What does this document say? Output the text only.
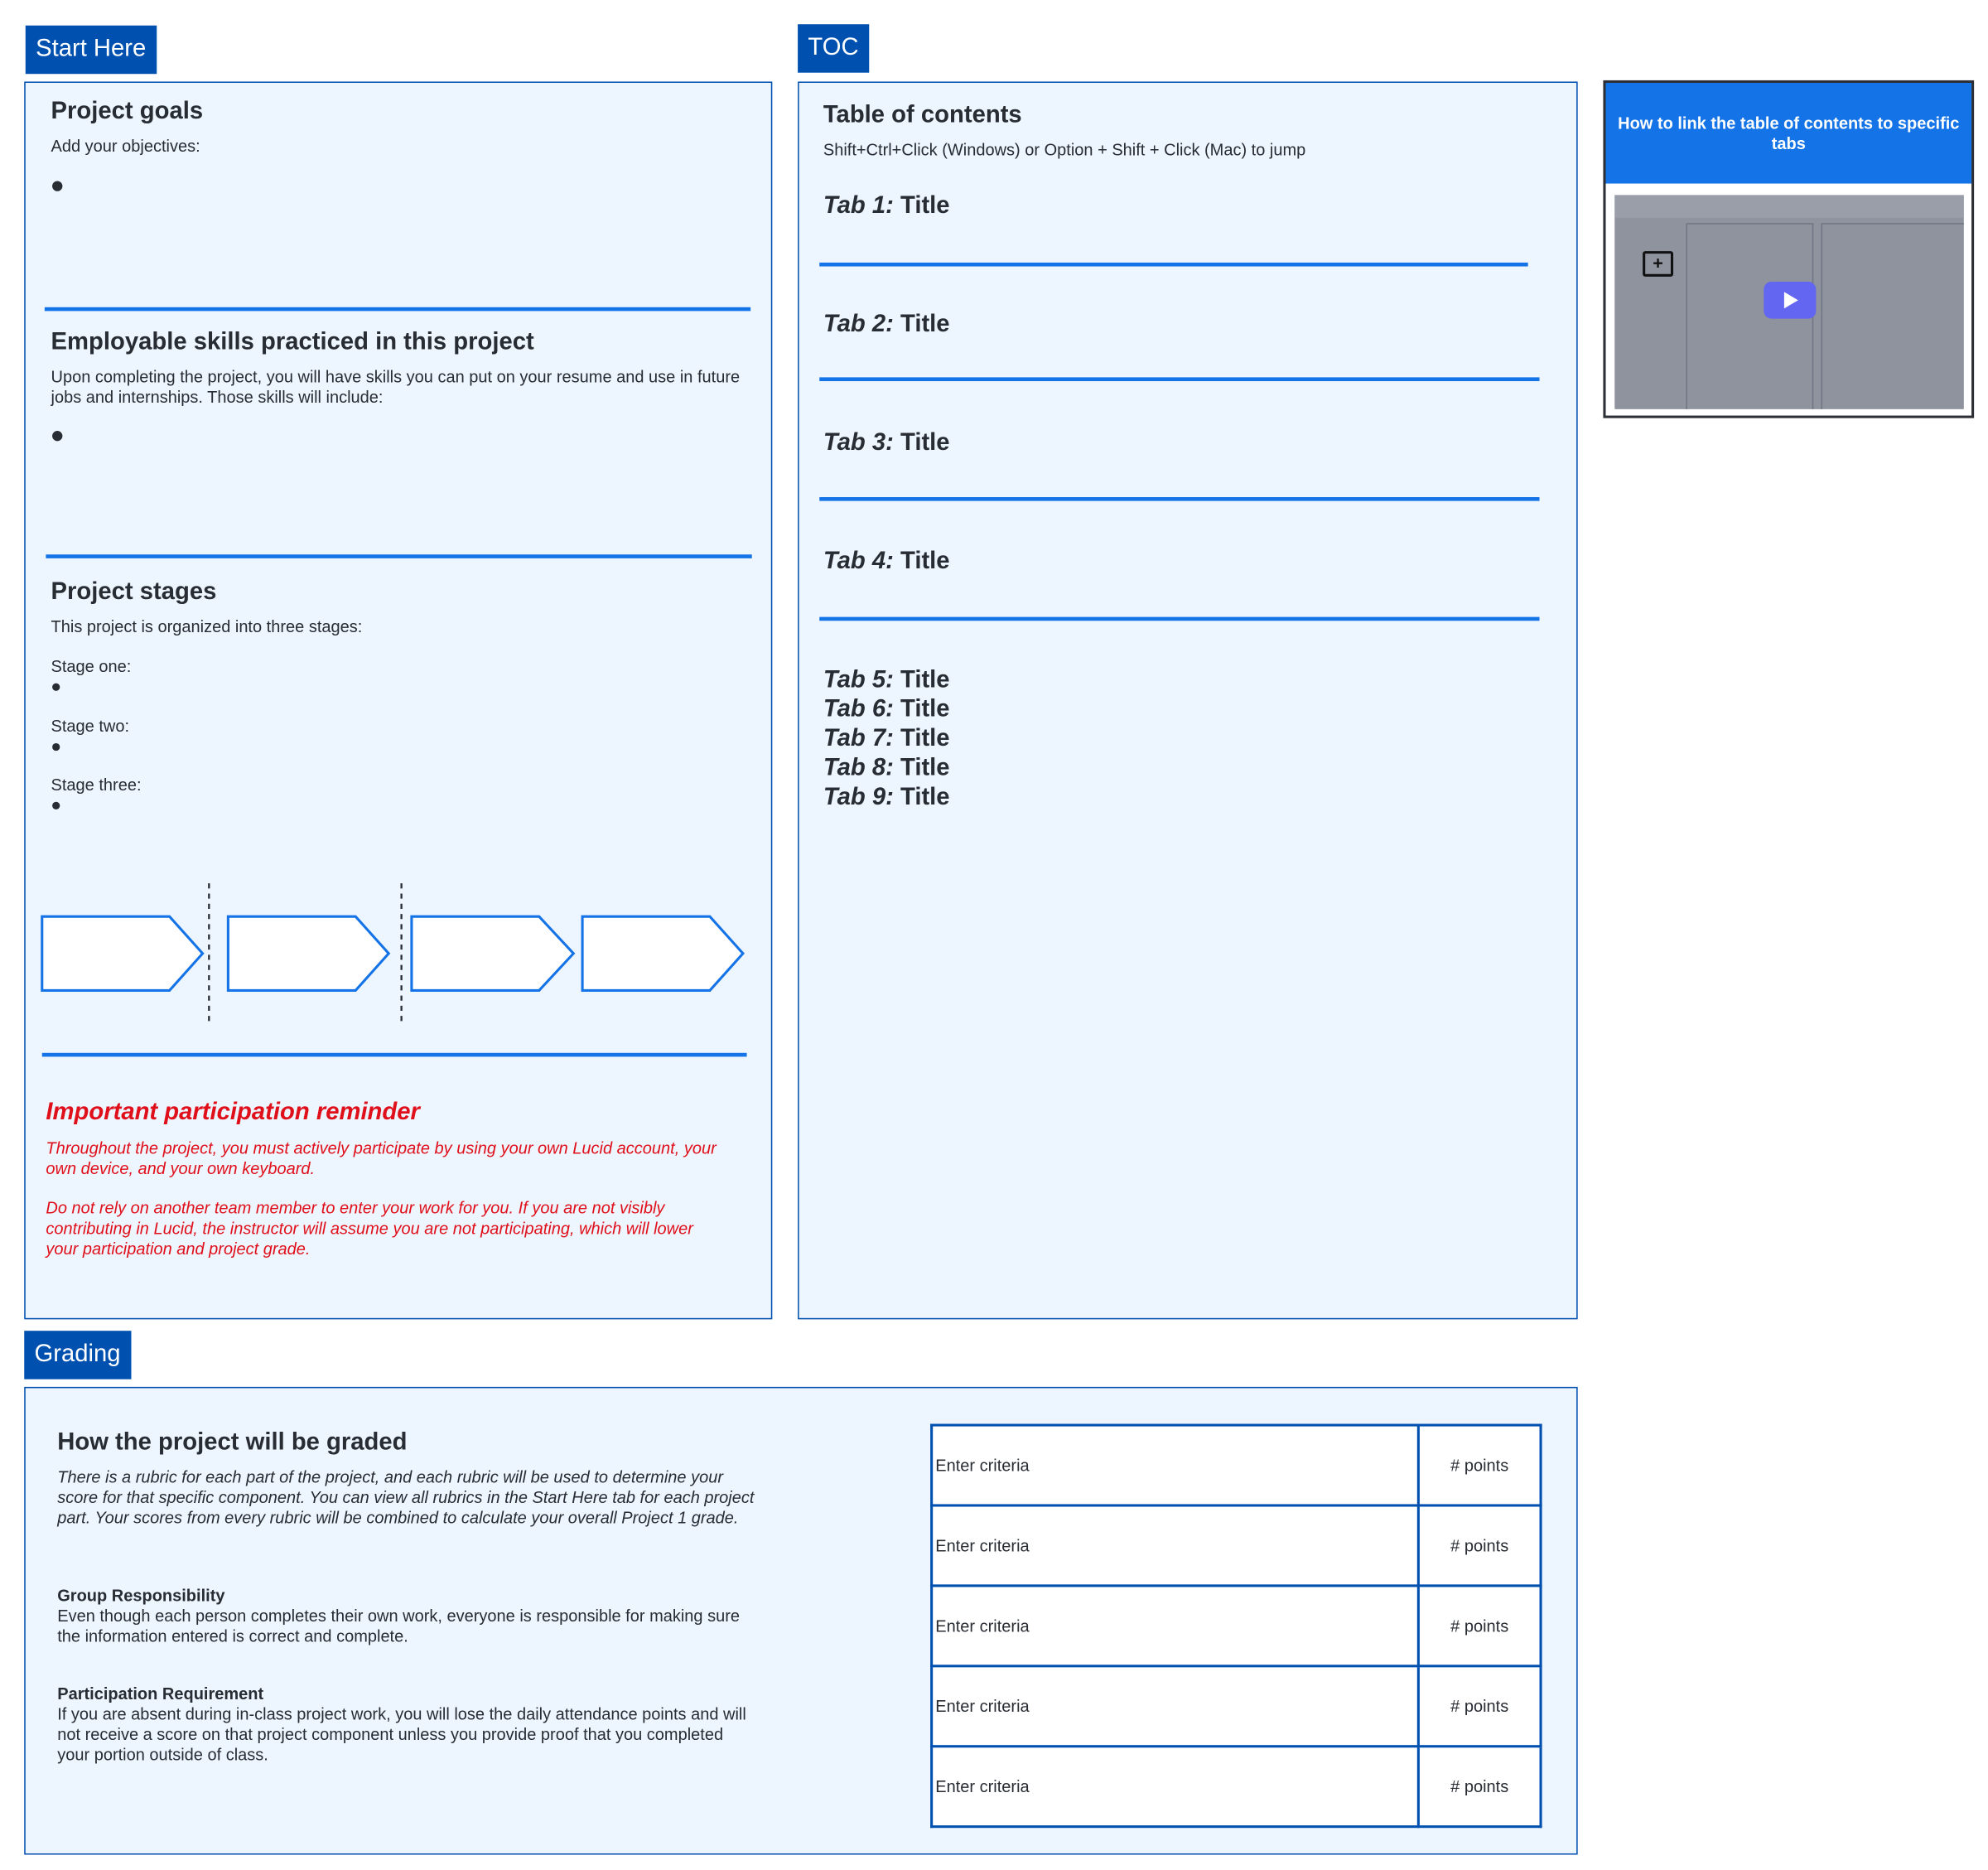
Start Here
Project goals
Add your objectives:
Employable skills practiced in this project
Upon completing the project, you will have skills you can put on your resume and use in future jobs and internships. Those skills will include:
Project stages
This project is organized into three stages:
Stage one:
Stage two:
Stage three:
Important participation reminder
Throughout the project, you must actively participate by using your own Lucid account, your own device, and your own keyboard.
Do not rely on another team member to enter your work for you. If you are not visibly contributing in Lucid, the instructor will assume you are not participating, which will lower your participation and project grade.
TOC
Table of contents
Shift+Ctrl+Click (Windows) or Option + Shift + Click (Mac) to jump
Tab 1: Title
Tab 2: Title
Tab 3: Title
Tab 4: Title
Tab 5: Title
Tab 6: Title
Tab 7: Title
Tab 8: Title
Tab 9: Title
How to link the table of contents to specific tabs
+
Grading
How the project will be graded
There is a rubric for each part of the project, and each rubric will be used to determine your score for that specific component. You can view all rubrics in the Start Here tab for each project part. Your scores from every rubric will be combined to calculate your overall Project 1 grade.
Group Responsibility
Even though each person completes their own work, everyone is responsible for making sure the information entered is correct and complete.
Participation Requirement
If you are absent during in-class project work, you will lose the daily attendance points and will not receive a score on that project component unless you provide proof that you completed your portion outside of class.
Enter criteria	# points
Enter criteria	# points
Enter criteria	# points
Enter criteria	# points
Enter criteria	# points
